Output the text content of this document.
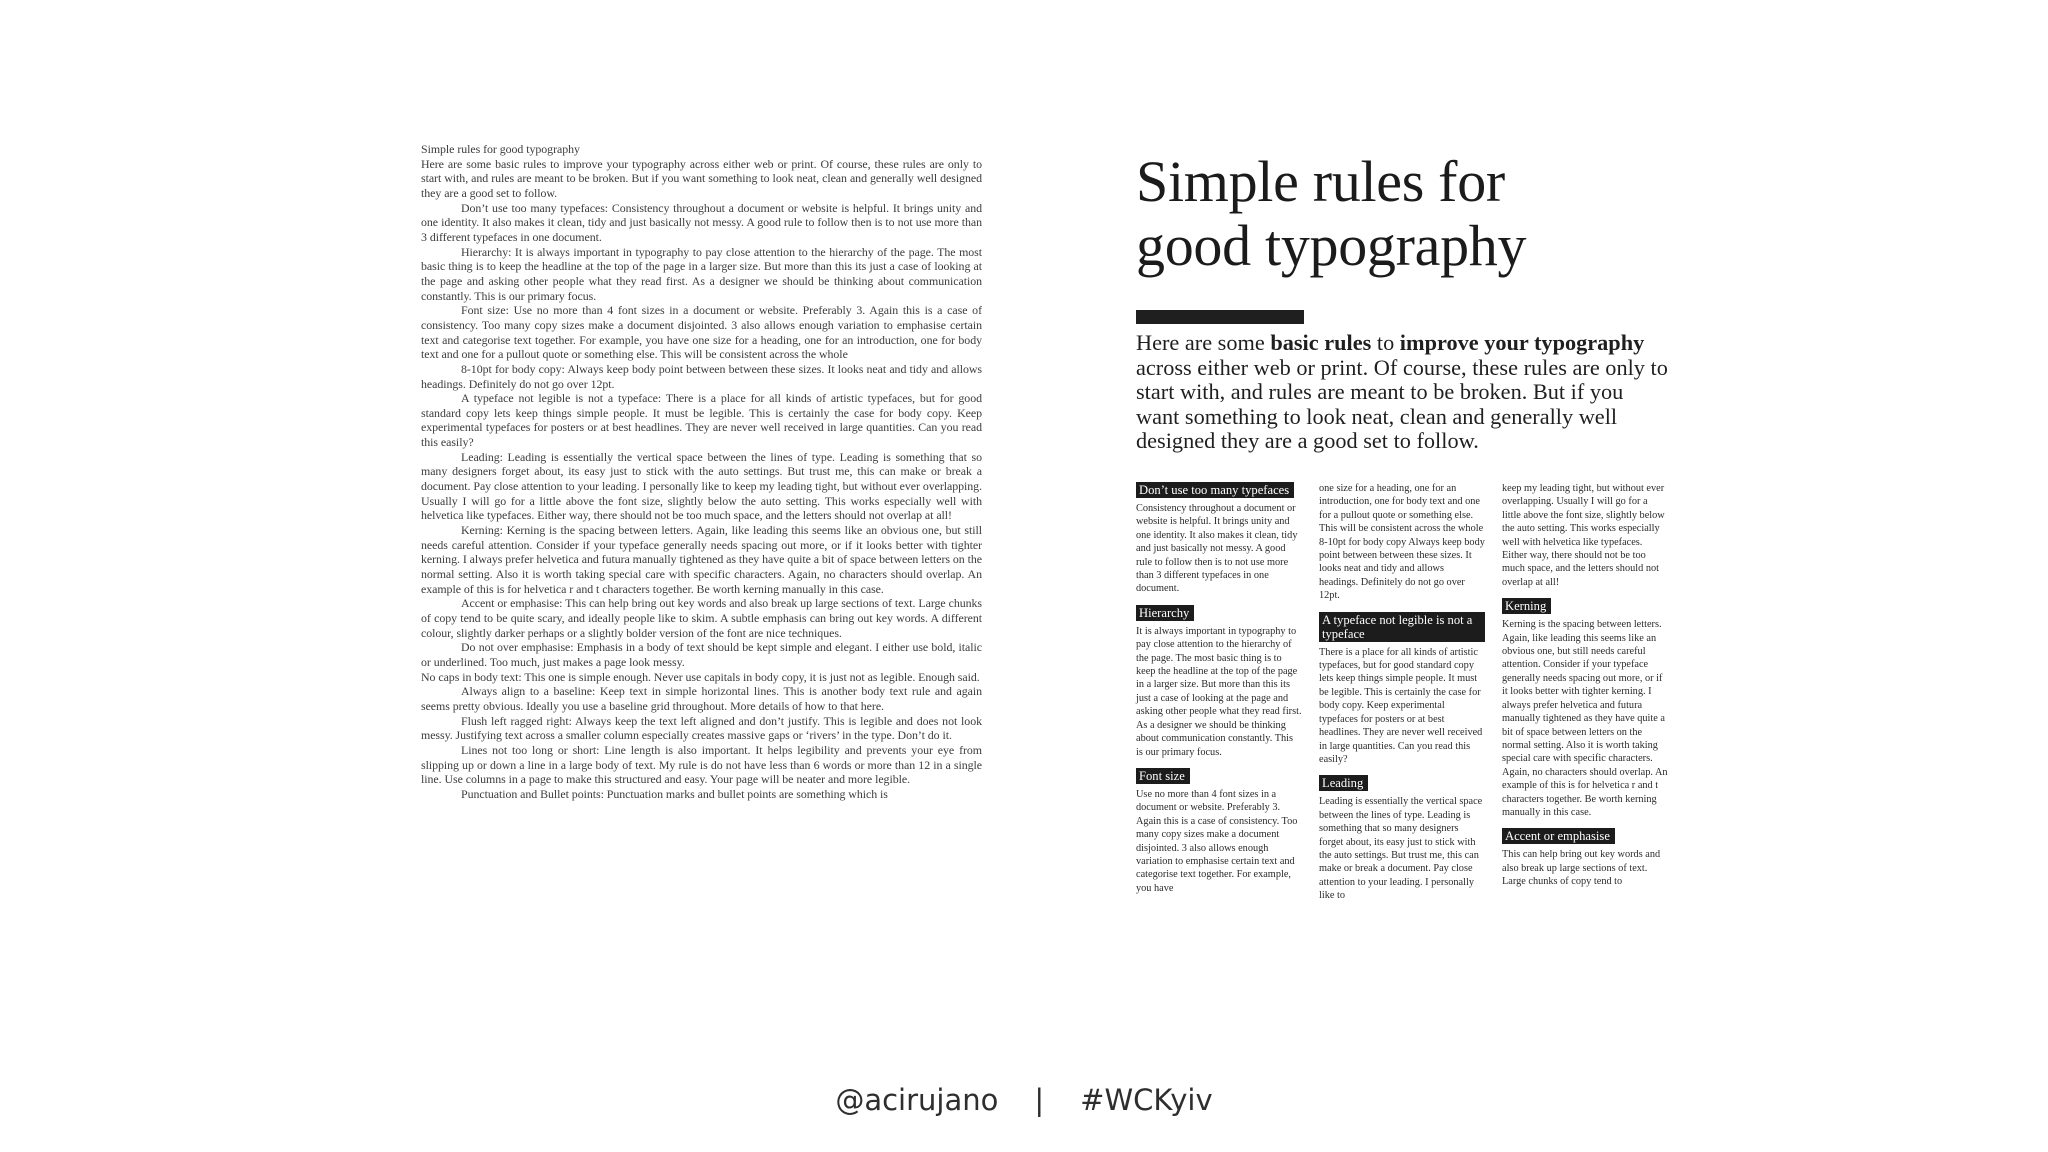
Simple rules for good typography

Here are some basic rules to improve your typography across either web or print. Of course, these rules are only to start with, and rules are meant to be broken. But if you want something to look neat, clean and generally well designed they are a good set to follow.

Don’t use too many typefaces: Consistency throughout a document or website is helpful. It brings unity and one identity. It also makes it clean, tidy and just basically not messy. A good rule to follow then is to not use more than 3 different typefaces in one document.

Hierarchy: It is always important in typography to pay close attention to the hierarchy of the page. The most basic thing is to keep the headline at the top of the page in a larger size. But more than this its just a case of looking at the page and asking other people what they read first. As a designer we should be thinking about communication constantly. This is our primary focus.

Font size: Use no more than 4 font sizes in a document or website. Preferably 3. Again this is a case of consistency. Too many copy sizes make a document disjointed. 3 also allows enough variation to emphasise certain text and categorise text together. For example, you have one size for a heading, one for an introduction, one for body text and one for a pullout quote or something else. This will be consistent across the whole

8-10pt for body copy: Always keep body point between between these sizes. It looks neat and tidy and allows headings. Definitely do not go over 12pt.

A typeface not legible is not a typeface: There is a place for all kinds of artistic typefaces, but for good standard copy lets keep things simple people. It must be legible. This is certainly the case for body copy. Keep experimental typefaces for posters or at best headlines. They are never well received in large quantities. Can you read this easily?

Leading: Leading is essentially the vertical space between the lines of type. Leading is something that so many designers forget about, its easy just to stick with the auto settings. But trust me, this can make or break a document. Pay close attention to your leading. I personally like to keep my leading tight, but without ever overlapping. Usually I will go for a little above the font size, slightly below the auto setting. This works especially well with helvetica like typefaces. Either way, there should not be too much space, and the letters should not overlap at all!

Kerning: Kerning is the spacing between letters. Again, like leading this seems like an obvious one, but still needs careful attention. Consider if your typeface generally needs spacing out more, or if it looks better with tighter kerning. I always prefer helvetica and futura manually tightened as they have quite a bit of space between letters on the normal setting. Also it is worth taking special care with specific characters. Again, no characters should overlap. An example of this is for helvetica r and t characters together. Be worth kerning manually in this case.

Accent or emphasise: This can help bring out key words and also break up large sections of text. Large chunks of copy tend to be quite scary, and ideally people like to skim. A subtle emphasis can bring out key words. A different colour, slightly darker perhaps or a slightly bolder version of the font are nice techniques.

Do not over emphasise: Emphasis in a body of text should be kept simple and elegant. I either use bold, italic or underlined. Too much, just makes a page look messy.

No caps in body text: This one is simple enough. Never use capitals in body copy, it is just not as legible. Enough said.

Always align to a baseline: Keep text in simple horizontal lines. This is another body text rule and again seems pretty obvious. Ideally you use a baseline grid throughout. More details of how to that here.

Flush left ragged right: Always keep the text left aligned and don’t justify. This is legible and does not look messy. Justifying text across a smaller column especially creates massive gaps or ‘rivers’ in the type. Don’t do it.

Lines not too long or short: Line length is also important. It helps legibility and prevents your eye from slipping up or down a line in a large body of text. My rule is do not have less than 6 words or more than 12 in a single line. Use columns in a page to make this structured and easy. Your page will be neater and more legible.

Punctuation and Bullet points: Punctuation marks and bullet points are something which is

Simple rules for
good typography

Here are some basic rules to improve your typography across either web or print. Of course, these rules are only to start with, and rules are meant to be broken. But if you want something to look neat, clean and generally well designed they are a good set to follow.

Don’t use too many typefaces

Consistency throughout a document or website is helpful. It brings unity and one identity. It also makes it clean, tidy and just basically not messy. A good rule to follow then is to not use more than 3 different typefaces in one document.

Hierarchy

It is always important in typography to pay close attention to the hierarchy of the page. The most basic thing is to keep the headline at the top of the page in a larger size. But more than this its just a case of looking at the page and asking other people what they read first. As a designer we should be thinking about communication constantly. This is our primary focus.

Font size

Use no more than 4 font sizes in a document or website. Preferably 3. Again this is a case of consistency. Too many copy sizes make a document disjointed. 3 also allows enough variation to emphasise certain text and categorise text together. For example, you have

one size for a heading, one for an introduction, one for body text and one for a pullout quote or something else. This will be consistent across the whole 8-10pt for body copy Always keep body point between between these sizes. It looks neat and tidy and allows headings. Definitely do not go over 12pt.

A typeface not legible is not a typeface

There is a place for all kinds of artistic typefaces, but for good standard copy lets keep things simple people. It must be legible. This is certainly the case for body copy. Keep experimental typefaces for posters or at best headlines. They are never well received in large quantities. Can you read this easily?

Leading

Leading is essentially the vertical space between the lines of type. Leading is something that so many designers forget about, its easy just to stick with the auto settings. But trust me, this can make or break a document. Pay close attention to your leading. I personally like to

keep my leading tight, but without ever overlapping. Usually I will go for a little above the font size, slightly below the auto setting. This works especially well with helvetica like typefaces. Either way, there should not be too much space, and the letters should not overlap at all!

Kerning

Kerning is the spacing between letters. Again, like leading this seems like an obvious one, but still needs careful attention. Consider if your typeface generally needs spacing out more, or if it looks better with tighter kerning. I always prefer helvetica and futura manually tightened as they have quite a bit of space between letters on the normal setting. Also it is worth taking special care with specific characters. Again, no characters should overlap. An example of this is for helvetica r and t characters together. Be worth kerning manually in this case.

Accent or emphasise

This can help bring out key words and also break up large sections of text. Large chunks of copy tend to

@acirujano | #WCKyiv
